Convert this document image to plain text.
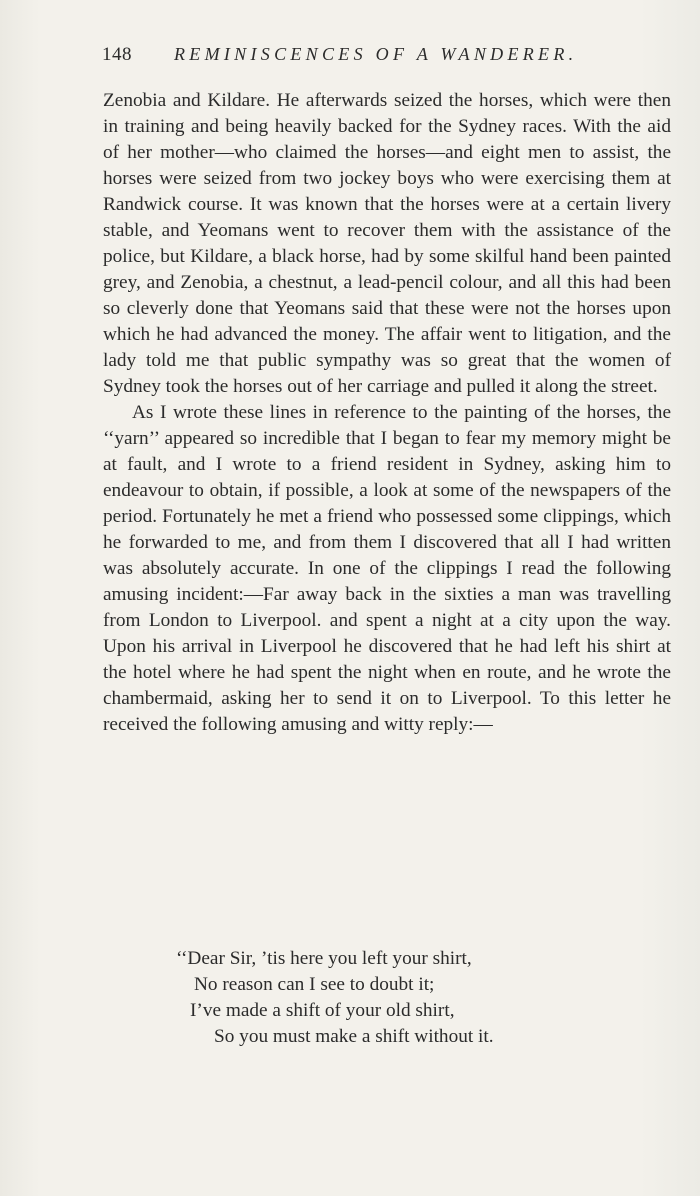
148 REMINISCENCES OF A WANDERER.

Zenobia and Kildare. He afterwards seized the horses, which were then in training and being heavily backed for the Sydney races. With the aid of her mother—who claimed the horses—and eight men to assist, the horses were seized from two jockey boys who were exercising them at Randwick course. It was known that the horses were at a certain livery stable, and Yeomans went to recover them with the assistance of the police, but Kildare, a black horse, had by some skilful hand been painted grey, and Zenobia, a chestnut, a lead-pencil colour, and all this had been so cleverly done that Yeomans said that these were not the horses upon which he had advanced the money. The affair went to litigation, and the lady told me that public sympathy was so great that the women of Sydney took the horses out of her carriage and pulled it along the street.

As I wrote these lines in reference to the painting of the horses, the ‘‘yarn’’ appeared so incredible that I began to fear my memory might be at fault, and I wrote to a friend resident in Sydney, asking him to endeavour to obtain, if possible, a look at some of the newspapers of the period. Fortunately he met a friend who possessed some clippings, which he forwarded to me, and from them I discovered that all I had written was absolutely accurate. In one of the clippings I read the following amusing incident:—Far away back in the sixties a man was travelling from London to Liverpool. and spent a night at a city upon the way. Upon his arrival in Liverpool he discovered that he had left his shirt at the hotel where he had spent the night when en route, and he wrote the chambermaid, asking her to send it on to Liverpool. To this letter he received the following amusing and witty reply:—

‘‘Dear Sir, ’tis here you left your shirt,
No reason can I see to doubt it;
I’ve made a shift of your old shirt,
So you must make a shift without it.
